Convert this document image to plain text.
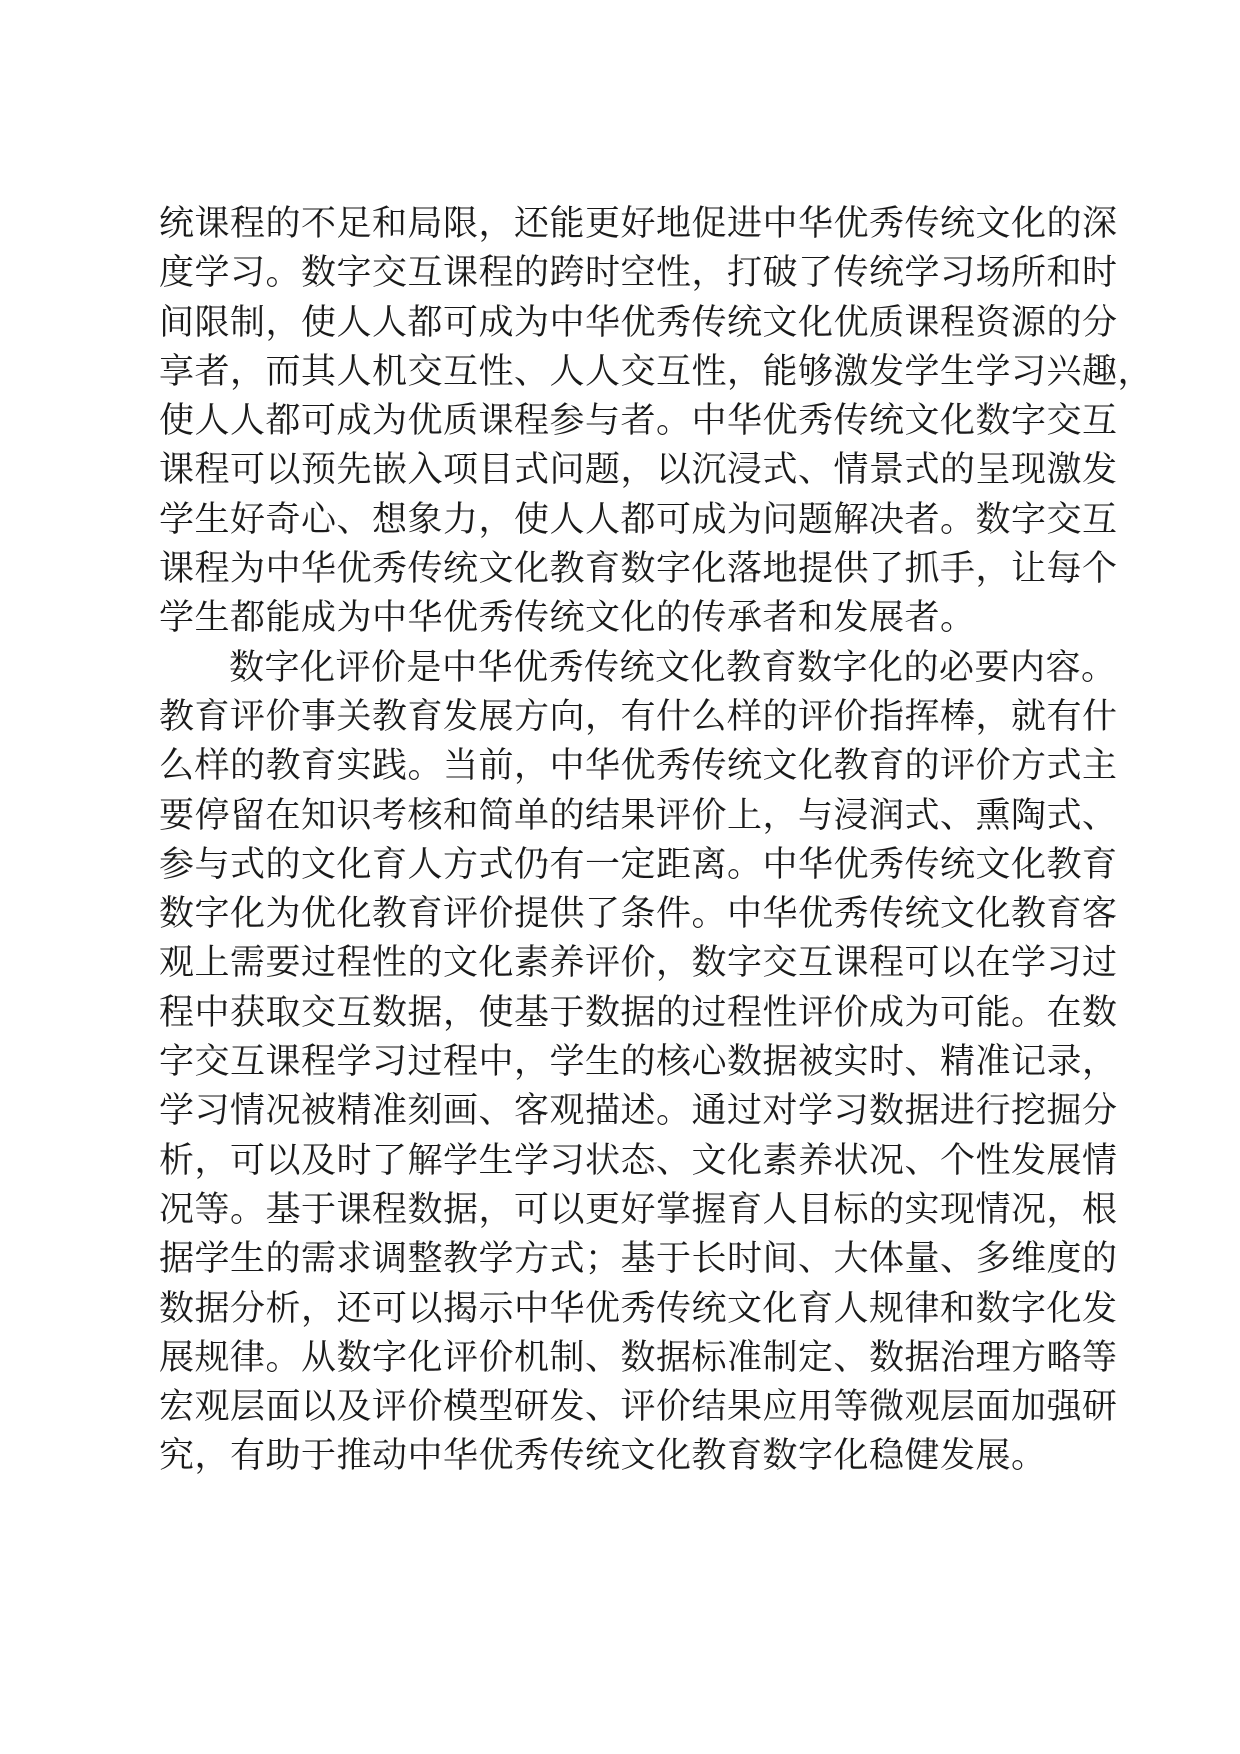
统课程的不足和局限，还能更好地促进中华优秀传统文化的深
度学习。数字交互课程的跨时空性，打破了传统学习场所和时
间限制，使人人都可成为中华优秀传统文化优质课程资源的分
享者，而其人机交互性、人人交互性，能够激发学生学习兴趣，
使人人都可成为优质课程参与者。中华优秀传统文化数字交互
课程可以预先嵌入项目式问题，以沉浸式、情景式的呈现激发
学生好奇心、想象力，使人人都可成为问题解决者。数字交互
课程为中华优秀传统文化教育数字化落地提供了抓手，让每个
学生都能成为中华优秀传统文化的传承者和发展者。
数字化评价是中华优秀传统文化教育数字化的必要内容。
教育评价事关教育发展方向，有什么样的评价指挥棒，就有什
么样的教育实践。当前，中华优秀传统文化教育的评价方式主
要停留在知识考核和简单的结果评价上，与浸润式、熏陶式、
参与式的文化育人方式仍有一定距离。中华优秀传统文化教育
数字化为优化教育评价提供了条件。中华优秀传统文化教育客
观上需要过程性的文化素养评价，数字交互课程可以在学习过
程中获取交互数据，使基于数据的过程性评价成为可能。在数
字交互课程学习过程中，学生的核心数据被实时、精准记录，
学习情况被精准刻画、客观描述。通过对学习数据进行挖掘分
析，可以及时了解学生学习状态、文化素养状况、个性发展情
况等。基于课程数据，可以更好掌握育人目标的实现情况，根
据学生的需求调整教学方式；基于长时间、大体量、多维度的
数据分析，还可以揭示中华优秀传统文化育人规律和数字化发
展规律。从数字化评价机制、数据标准制定、数据治理方略等
宏观层面以及评价模型研发、评价结果应用等微观层面加强研
究，有助于推动中华优秀传统文化教育数字化稳健发展。
